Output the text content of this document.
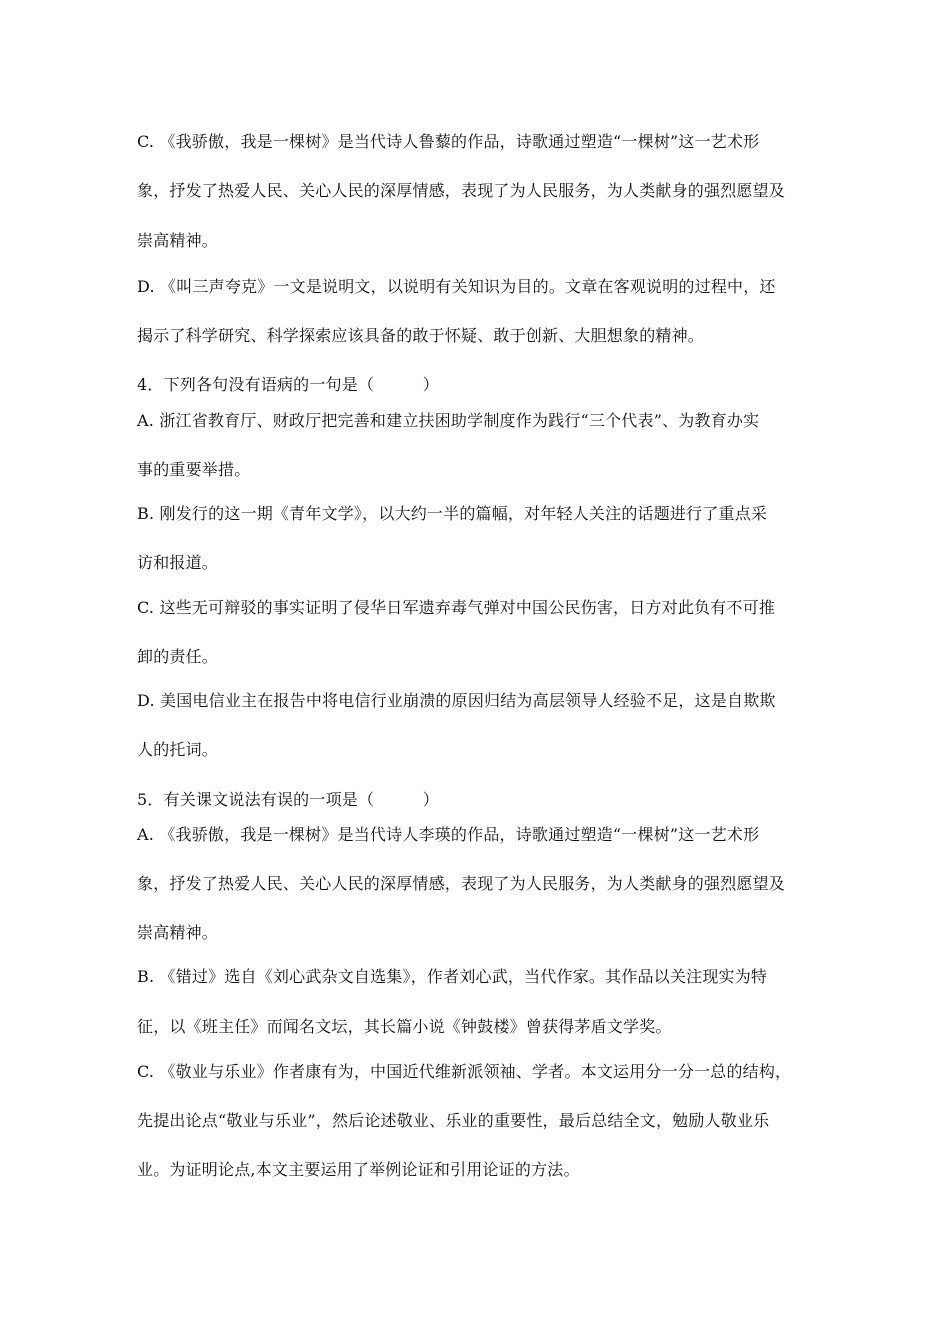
C. 《我骄傲，我是一棵树》是当代诗人鲁藜的作品，诗歌通过塑造“一棵树”这一艺术形
象，抒发了热爱人民、关心人民的深厚情感，表现了为人民服务，为人类献身的强烈愿望及
崇高精神。
D. 《叫三声夸克》一文是说明文，以说明有关知识为目的。文章在客观说明的过程中，还
揭示了科学研究、科学探索应该具备的敢于怀疑、敢于创新、大胆想象的精神。
4．下列各句没有语病的一句是（　　　）
A. 浙江省教育厅、财政厅把完善和建立扶困助学制度作为践行“三个代表”、为教育办实
事的重要举措。
B. 刚发行的这一期《青年文学》，以大约一半的篇幅，对年轻人关注的话题进行了重点采
访和报道。
C. 这些无可辩驳的事实证明了侵华日军遗弃毒气弹对中国公民伤害，日方对此负有不可推
卸的责任。
D. 美国电信业主在报告中将电信行业崩溃的原因归结为高层领导人经验不足，这是自欺欺
人的托词。
5．有关课文说法有误的一项是（　　　）
A. 《我骄傲，我是一棵树》是当代诗人李瑛的作品，诗歌通过塑造“一棵树”这一艺术形
象，抒发了热爱人民、关心人民的深厚情感，表现了为人民服务，为人类献身的强烈愿望及
崇高精神。
B. 《错过》选自《刘心武杂文自选集》，作者刘心武，当代作家。其作品以关注现实为特
征，以《班主任》而闻名文坛，其长篇小说《钟鼓楼》曾获得茅盾文学奖。
C. 《敬业与乐业》作者康有为，中国近代维新派领袖、学者。本文运用分一分一总的结构，
先提出论点“敬业与乐业”，然后论述敬业、乐业的重要性，最后总结全文，勉励人敬业乐
业。为证明论点,本文主要运用了举例论证和引用论证的方法。
